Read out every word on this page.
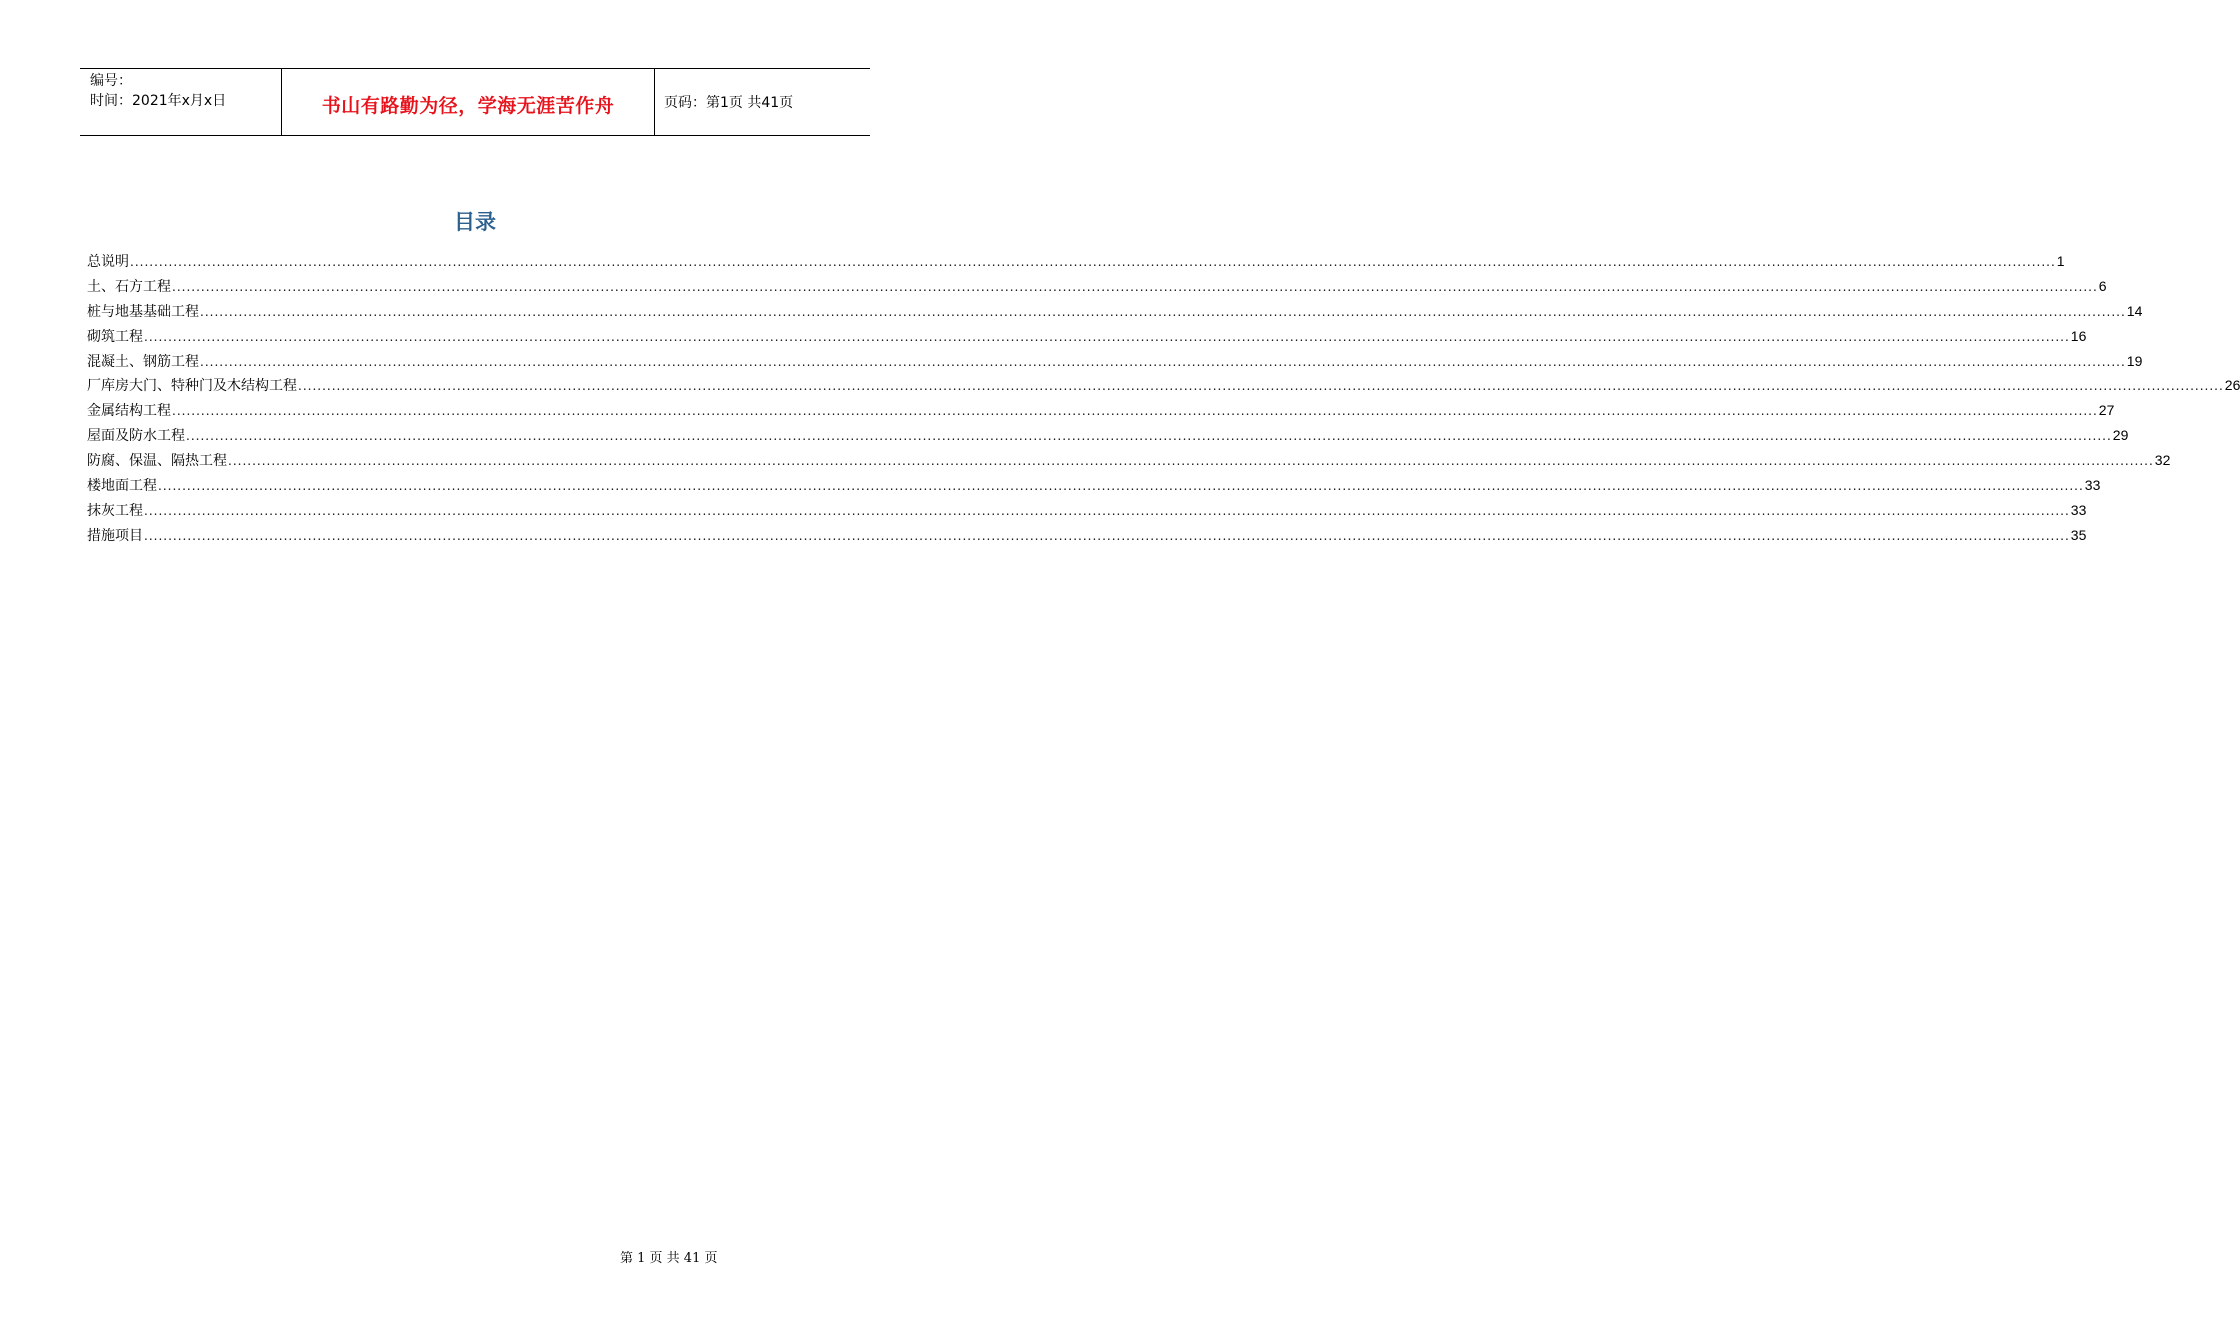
编号：
时间：2021年x月x日	书山有路勤为径，学海无涯苦作舟	页码：第1页 共41页
目录
总说明 ................................................................................................................................................................................................................................................................................................................................................................................................................ 1
土、石方工程 ................................................................................................................................................................................................................................................................................................................................................................................................................ 6
桩与地基基础工程 ................................................................................................................................................................................................................................................................................................................................................................................................................ 14
砌筑工程 ................................................................................................................................................................................................................................................................................................................................................................................................................ 16
混凝土、钢筋工程 ................................................................................................................................................................................................................................................................................................................................................................................................................ 19
厂库房大门、特种门及木结构工程 ................................................................................................................................................................................................................................................................................................................................................................................................................ 26
金属结构工程 ................................................................................................................................................................................................................................................................................................................................................................................................................ 27
屋面及防水工程 ................................................................................................................................................................................................................................................................................................................................................................................................................ 29
防腐、保温、隔热工程 ................................................................................................................................................................................................................................................................................................................................................................................................................ 32
楼地面工程 ................................................................................................................................................................................................................................................................................................................................................................................................................ 33
抹灰工程 ................................................................................................................................................................................................................................................................................................................................................................................................................ 33
措施项目 ................................................................................................................................................................................................................................................................................................................................................................................................................ 35
第 1 页 共 41 页
